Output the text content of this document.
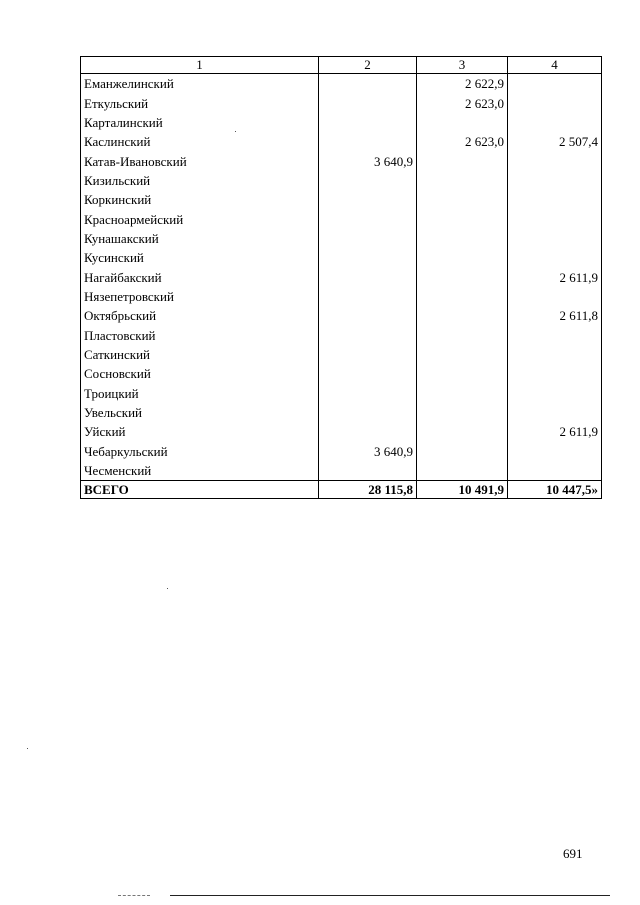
1	2	3	4
Еманжелинский		2 622,9	
Еткульский		2 623,0	
Карталинский			
Каслинский		2 623,0	2 507,4
Катав-Ивановский	3 640,9		
Кизильский			
Коркинский			
Красноармейский			
Кунашакский			
Кусинский			
Нагайбакский			2 611,9
Нязепетровский			
Октябрьский			2 611,8
Пластовский			
Саткинский			
Сосновский			
Троицкий			
Увельский			
Уйский			2 611,9
Чебаркульский	3 640,9		
Чесменский			
ВСЕГО	28 115,8	10 491,9	10 447,5»
691
